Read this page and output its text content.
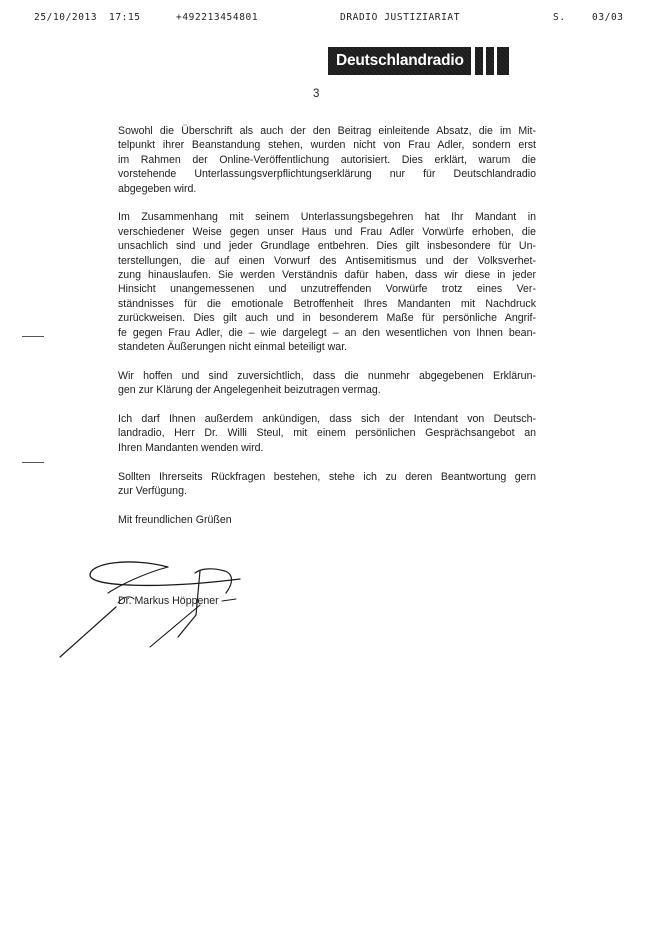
25/10/2013 17:15	+492213454801	DRADIO JUSTIZIARIAT	S.	03/03
Deutschlandradio
3

Sowohl die Überschrift als auch der den Beitrag einleitende Absatz, die im Mit-
telpunkt ihrer Beanstandung stehen, wurden nicht von Frau Adler, sondern erst
im Rahmen der Online-Veröffentlichung autorisiert. Dies erklärt, warum die
vorstehende Unterlassungsverpflichtungserklärung nur für Deutschlandradio
abgegeben wird.

Im Zusammenhang mit seinem Unterlassungsbegehren hat Ihr Mandant in
verschiedener Weise gegen unser Haus und Frau Adler Vorwürfe erhoben, die
unsachlich sind und jeder Grundlage entbehren. Dies gilt insbesondere für Un-
terstellungen, die auf einen Vorwurf des Antisemitismus und der Volksverhet-
zung hinauslaufen. Sie werden Verständnis dafür haben, dass wir diese in jeder
Hinsicht unangemessenen und unzutreffenden Vorwürfe trotz eines Ver-
ständnisses für die emotionale Betroffenheit Ihres Mandanten mit Nachdruck
zurückweisen. Dies gilt auch und in besonderem Maße für persönliche Angrif-
fe gegen Frau Adler, die – wie dargelegt – an den wesentlichen von Ihnen bean-
standeten Äußerungen nicht einmal beteiligt war.

Wir hoffen und sind zuversichtlich, dass die nunmehr abgegebenen Erklärun-
gen zur Klärung der Angelegenheit beizutragen vermag.

Ich darf Ihnen außerdem ankündigen, dass sich der Intendant von Deutsch-
landradio, Herr Dr. Willi Steul, mit einem persönlichen Gesprächsangebot an
Ihren Mandanten wenden wird.

Sollten Ihrerseits Rückfragen bestehen, stehe ich zu deren Beantwortung gern
zur Verfügung.

Mit freundlichen Grüßen

Dr. Markus Höppener
